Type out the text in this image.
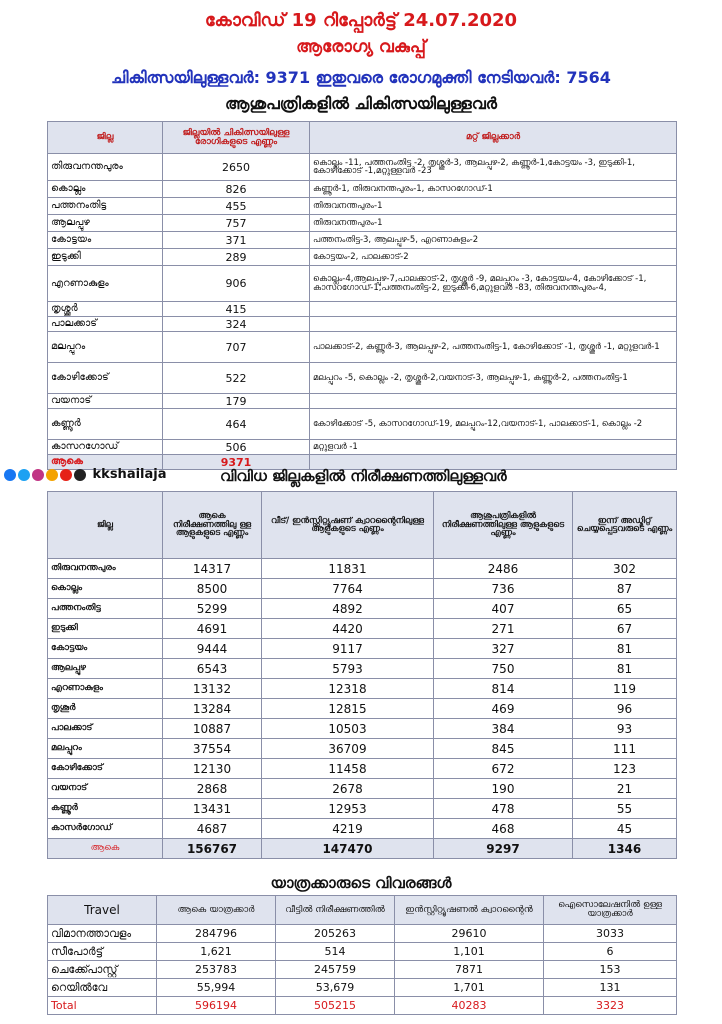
കോവിഡ് 19 റിപ്പോർട്ട് 24.07.2020
ആരോഗ്യ വകുപ്പ്
ചികിത്സയിലുള്ളവർ: 9371 ഇതുവരെ രോഗമുക്തി നേടിയവർ: 7564
ആശുപത്രികളിൽ ചികിത്സയിലുള്ളവർ
ജില്ല	ജില്ലയിൽ ചികിത്സയിലുള്ള രോഗികളുടെ എണ്ണം	മറ്റ് ജില്ലക്കാർ
തിരുവനന്തപുരം	2650	കൊല്ലം -11, പത്തനംതിട്ട -2, തൃശ്ശൂർ-3, ആലപ്പുഴ-2, കണ്ണൂർ-1,കോട്ടയം -3, ഇടുക്കി-1, കോഴിക്കോട് -1,മറ്റുള്ളവർ -23
കൊല്ലം	826	കണ്ണൂർ-1, തിരുവനന്തപുരം-1, കാസറഗോഡ്-1
പത്തനംതിട്ട	455	തിരുവനന്തപുരം-1
ആലപ്പുഴ	757	തിരുവനന്തപുരം-1
കോട്ടയം	371	പത്തനംതിട്ട-3, ആലപ്പുഴ-5, എറണാകുളം-2
ഇടുക്കി	289	കോട്ടയം-2, പാലക്കാട്-2
എറണാകുളം	906	കൊല്ലം-4,ആലപ്പുഴ-7,പാലക്കാട്-2, തൃശ്ശൂർ -9, മലപ്പുറം -3, കോട്ടയം-4, കോഴിക്കോട് -1, കാസറഗോഡ്-1,പത്തനംതിട്ട-2, ഇടുക്കി-6,മറ്റുളവർ -83, തിരുവനന്തപുരം-4,
തൃശ്ശൂർ	415	
പാലക്കാട്	324	
മലപ്പുറം	707	പാലക്കാട്-2, കണ്ണൂർ-3, ആലപ്പുഴ-2, പത്തനംതിട്ട-1, കോഴിക്കോട് -1, തൃശ്ശൂർ -1, മറ്റുളവർ-1
കോഴിക്കോട്	522	മലപ്പുറം -5, കൊല്ലം -2, തൃശ്ശൂർ-2,വയനാട്-3, ആലപ്പുഴ-1, കണ്ണൂർ-2, പത്തനംതിട്ട-1
വയനാട്	179	
കണ്ണൂർ	464	കോഴിക്കോട് -5, കാസറഗോഡ്-19, മലപ്പുറം-12,വയനാട്-1, പാലക്കാട്-1, കൊല്ലം -2
കാസറഗോഡ്	506	മറ്റുളവർ -1
ആകെ	9371	
kkshailaja	വിവിധ ജില്ലകളിൽ നിരീക്ഷണത്തിലുള്ളവർ
ജില്ല	ആകെ നിരീക്ഷണത്തിലു ള്ള ആളുകളുടെ എണ്ണം	വീട്/ ഇൻസ്റ്റിറ്റ്യൂഷണ് ക്വാറന്റൈനിലുള്ള ആളുകളുടെ എണ്ണം	ആശുപത്രികളിൽ നിരീക്ഷണത്തിലുള്ള ആളുകളുടെ എണ്ണം	ഇന്ന് അഡ്മിറ്റ് ചെയ്യപ്പെട്ടവരുടെ എണ്ണം
തിരുവനന്തപുരം	14317	11831	2486	302
കൊല്ലം	8500	7764	736	87
പത്തനംതിട്ട	5299	4892	407	65
ഇടുക്കി	4691	4420	271	67
കോട്ടയം	9444	9117	327	81
ആലപ്പുഴ	6543	5793	750	81
എറണാകുളം	13132	12318	814	119
തൃശൂർ	13284	12815	469	96
പാലക്കാട്	10887	10503	384	93
മലപ്പുറം	37554	36709	845	111
കോഴിക്കോട്	12130	11458	672	123
വയനാട്	2868	2678	190	21
കണ്ണൂർ	13431	12953	478	55
കാസർഗോഡ്	4687	4219	468	45
ആകെ	156767	147470	9297	1346
യാത്രക്കാരുടെ വിവരങ്ങൾ
Travel	ആകെ യാത്രക്കാർ	വീട്ടിൽ നിരീക്ഷണത്തിൽ	ഇൻസ്റ്റിറ്റ്യൂഷണൽ ക്വാറന്റൈൻ	ഐസൊലേഷനിൽ ഉള്ള യാത്രക്കാർ
വിമാനത്താവളം	284796	205263	29610	3033
സീപോർട്ട്	1,621	514	1,101	6
ചെക്ക്പോസ്റ്റ്	253783	245759	7871	153
റെയിൽവേ	55,994	53,679	1,701	131
Total	596194	505215	40283	3323
